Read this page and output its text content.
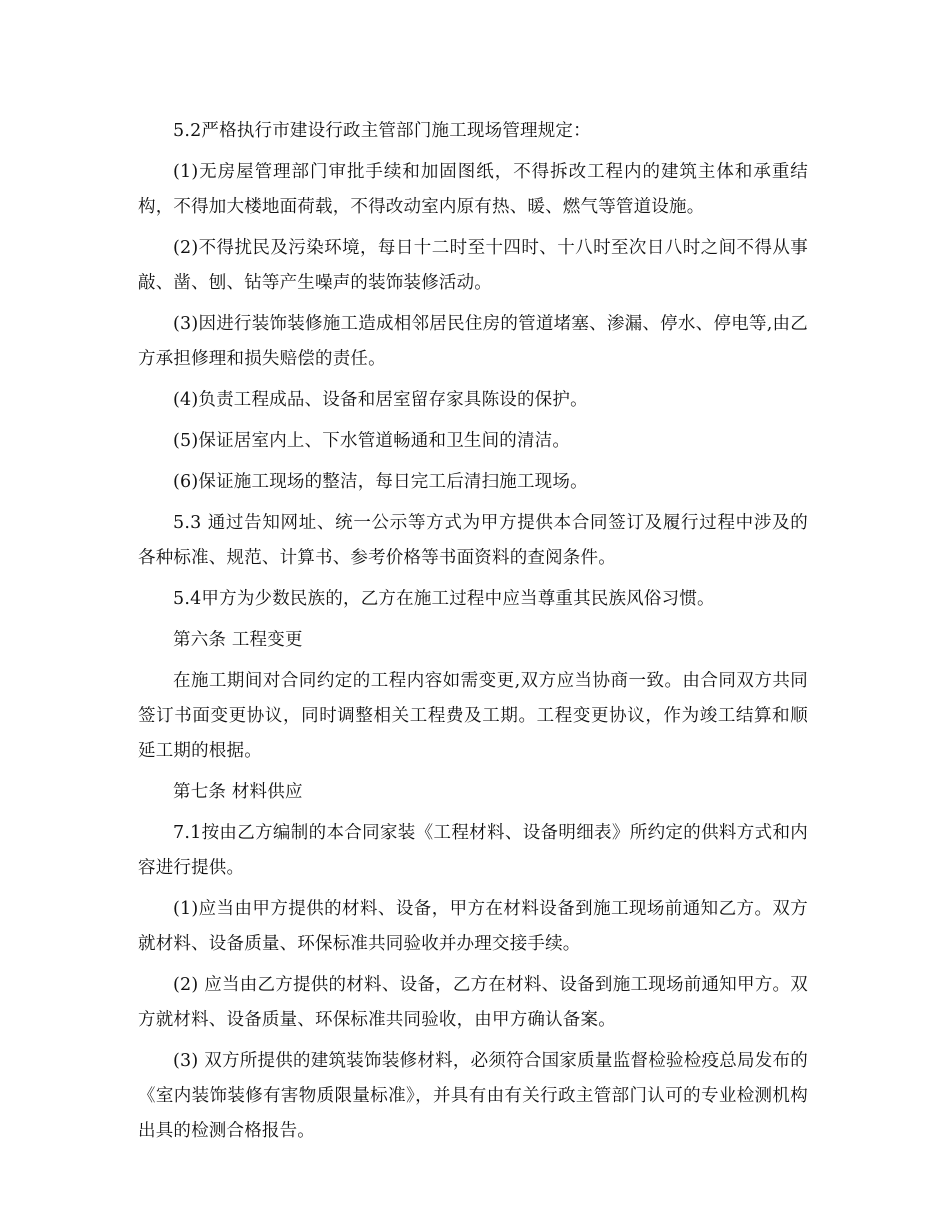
5.2严格执行市建设行政主管部门施工现场管理规定：

(1)无房屋管理部门审批手续和加固图纸，不得拆改工程内的建筑主体和承重结构，不得加大楼地面荷载，不得改动室内原有热、暖、燃气等管道设施。

(2)不得扰民及污染环境，每日十二时至十四时、十八时至次日八时之间不得从事敲、凿、刨、钻等产生噪声的装饰装修活动。

(3)因进行装饰装修施工造成相邻居民住房的管道堵塞、渗漏、停水、停电等,由乙方承担修理和损失赔偿的责任。

(4)负责工程成品、设备和居室留存家具陈设的保护。

(5)保证居室内上、下水管道畅通和卫生间的清洁。

(6)保证施工现场的整洁，每日完工后清扫施工现场。

5.3 通过告知网址、统一公示等方式为甲方提供本合同签订及履行过程中涉及的各种标准、规范、计算书、参考价格等书面资料的查阅条件。

5.4甲方为少数民族的，乙方在施工过程中应当尊重其民族风俗习惯。

第六条 工程变更

在施工期间对合同约定的工程内容如需变更,双方应当协商一致。由合同双方共同签订书面变更协议，同时调整相关工程费及工期。工程变更协议，作为竣工结算和顺延工期的根据。

第七条 材料供应

7.1按由乙方编制的本合同家装《工程材料、设备明细表》所约定的供料方式和内容进行提供。

(1)应当由甲方提供的材料、设备，甲方在材料设备到施工现场前通知乙方。双方就材料、设备质量、环保标准共同验收并办理交接手续。

(2) 应当由乙方提供的材料、设备，乙方在材料、设备到施工现场前通知甲方。双方就材料、设备质量、环保标准共同验收，由甲方确认备案。

(3) 双方所提供的建筑装饰装修材料，必须符合国家质量监督检验检疫总局发布的《室内装饰装修有害物质限量标准》，并具有由有关行政主管部门认可的专业检测机构出具的检测合格报告。
